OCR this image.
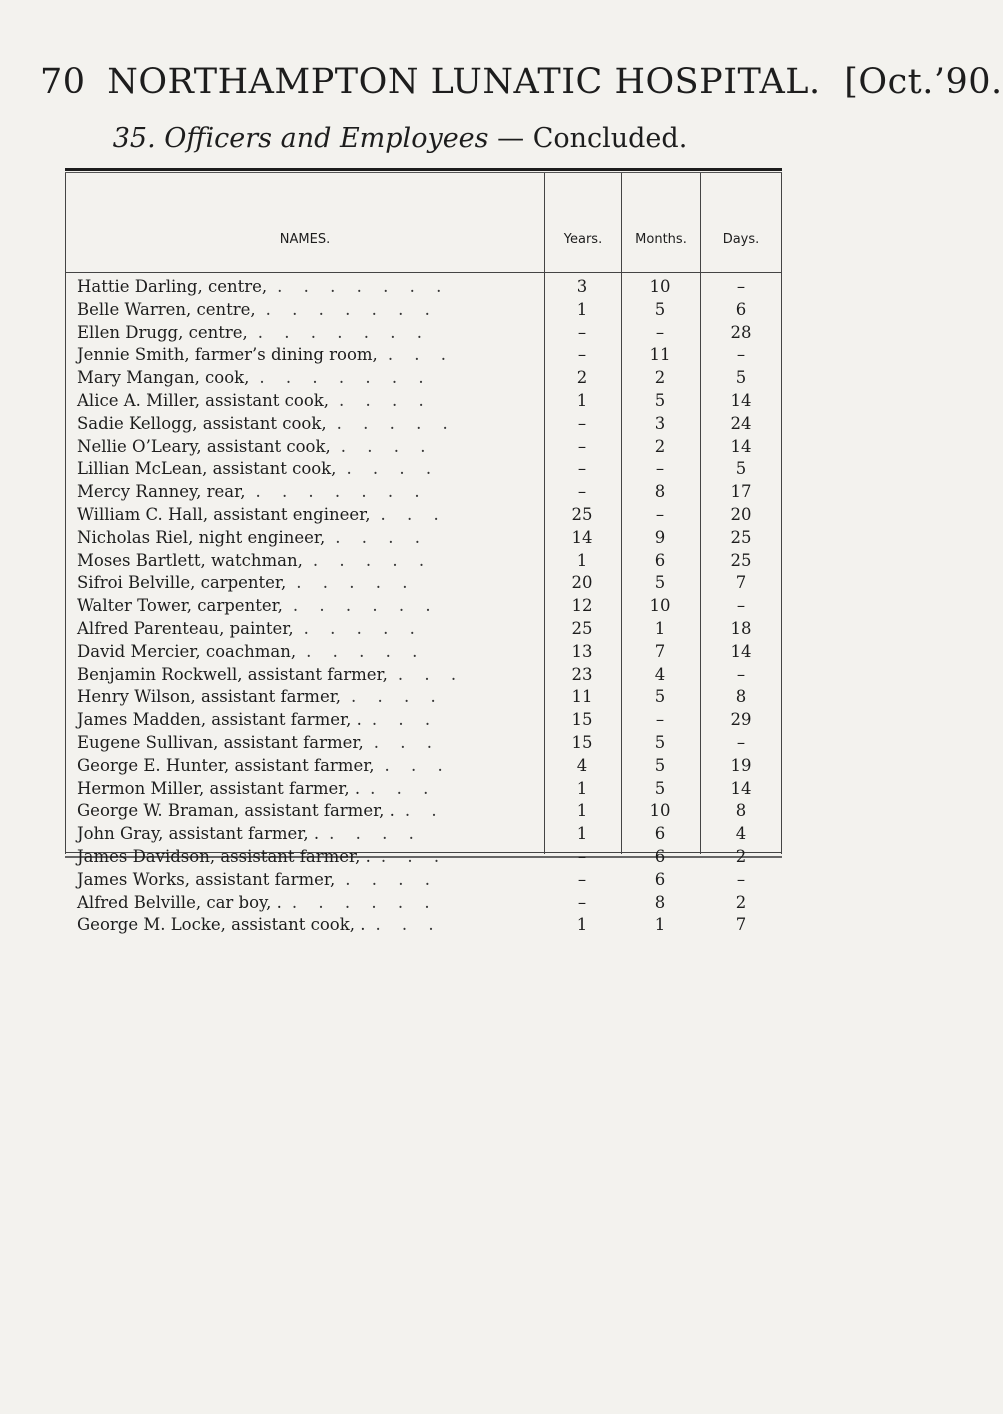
70 NORTHAMPTON LUNATIC HOSPITAL. [Oct.’90.
35. Officers and Employees — Concluded.
NAMES.	Years.	Months.	Days.
Hattie Darling, centre, . . . . . . .	3	10	–
Belle Warren, centre, . . . . . . .	1	5	6
Ellen Drugg, centre, . . . . . . .	–	–	28
Jennie Smith, farmer’s dining room, . . .	–	11	–
Mary Mangan, cook, . . . . . . .	2	2	5
Alice A. Miller, assistant cook, . . . .	1	5	14
Sadie Kellogg, assistant cook, . . . . .	–	3	24
Nellie O’Leary, assistant cook, . . . .	–	2	14
Lillian McLean, assistant cook, . . . .	–	–	5
Mercy Ranney, rear, . . . . . . .	–	8	17
William C. Hall, assistant engineer, . . .	25	–	20
Nicholas Riel, night engineer, . . . .	14	9	25
Moses Bartlett, watchman, . . . . .	1	6	25
Sifroi Belville, carpenter, . . . . .	20	5	7
Walter Tower, carpenter, . . . . . .	12	10	–
Alfred Parenteau, painter, . . . . .	25	1	18
David Mercier, coachman, . . . . .	13	7	14
Benjamin Rockwell, assistant farmer, . . .	23	4	–
Henry Wilson, assistant farmer, . . . .	11	5	8
James Madden, assistant farmer, . . . .	15	–	29
Eugene Sullivan, assistant farmer, . . .	15	5	–
George E. Hunter, assistant farmer, . . .	4	5	19
Hermon Miller, assistant farmer, . . . .	1	5	14
George W. Braman, assistant farmer, . . .	1	10	8
John Gray, assistant farmer, . . . . .	1	6	4
James Davidson, assistant farmer, . . . .	–	6	2
James Works, assistant farmer, . . . .	–	6	–
Alfred Belville, car boy, . . . . . . .	–	8	2
George M. Locke, assistant cook, . . . .	1	1	7
